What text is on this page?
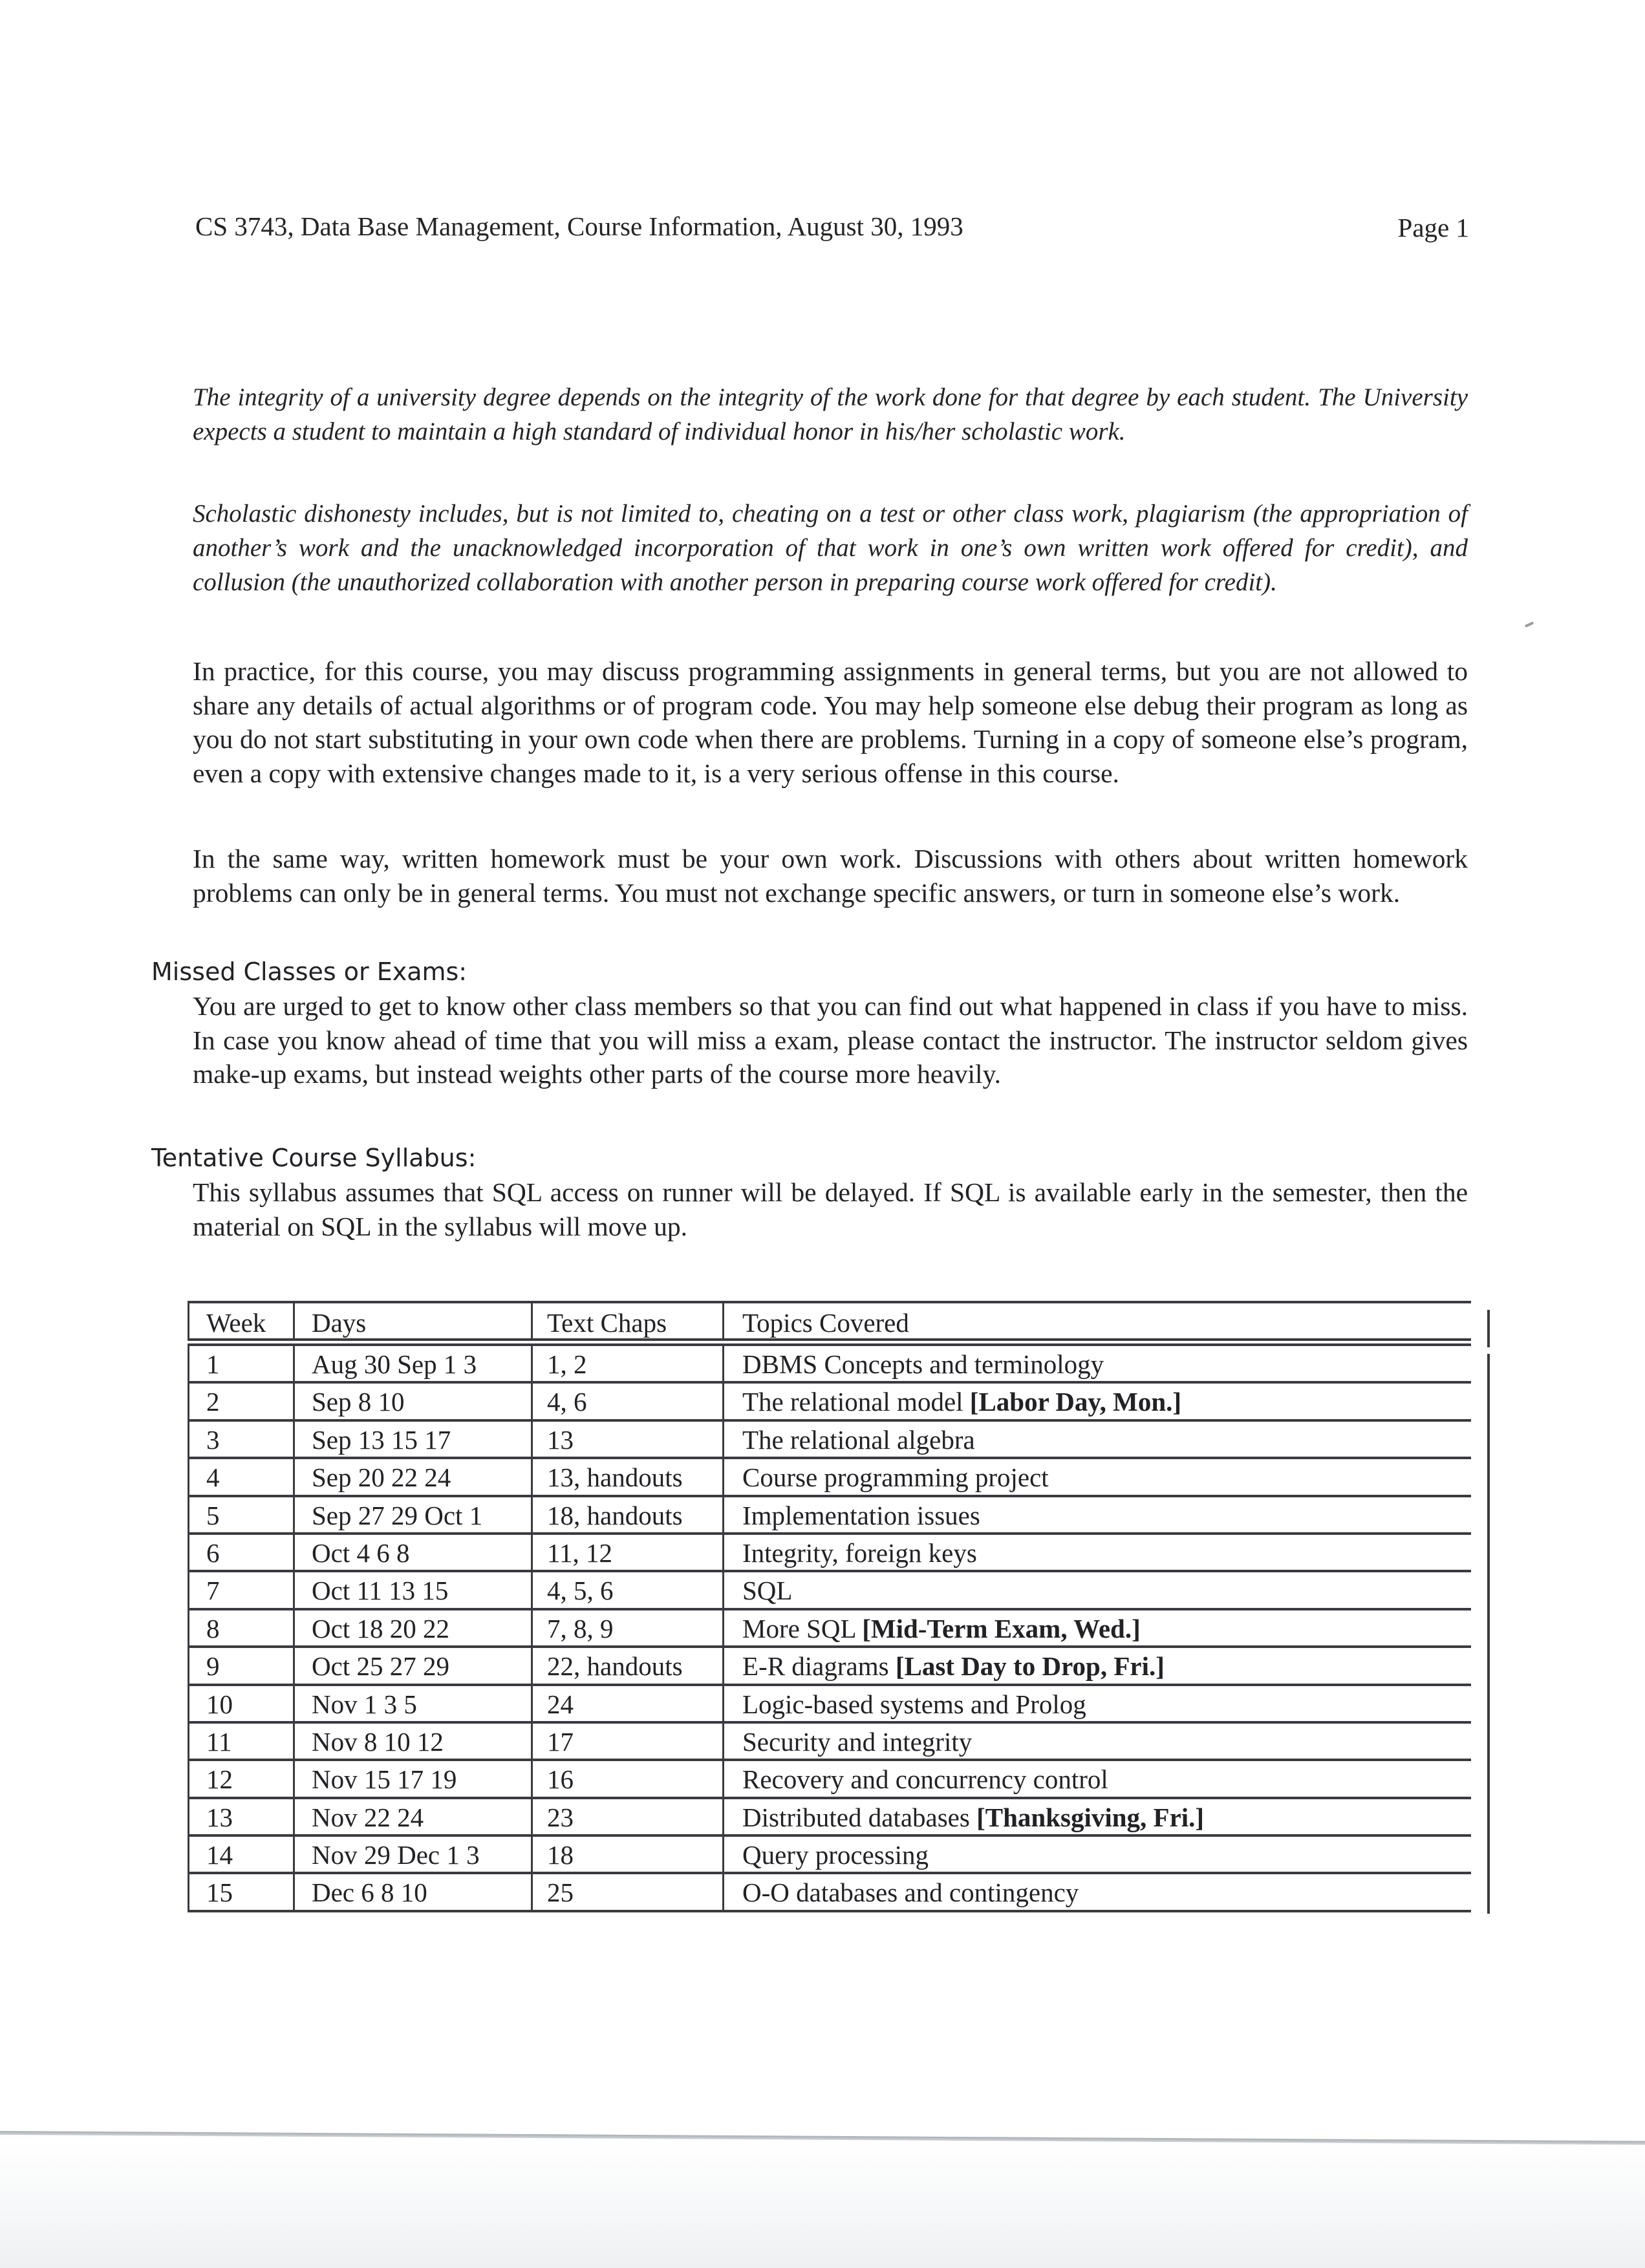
CS 3743, Data Base Management, Course Information, August 30, 1993	Page 1

The integrity of a university degree depends on the integrity of the work done for that degree by each student. The University expects a student to maintain a high standard of individual honor in his/her scholastic work.

Scholastic dishonesty includes, but is not limited to, cheating on a test or other class work, plagiarism (the appropriation of another’s work and the unacknowledged incorporation of that work in one’s own written work offered for credit), and collusion (the unauthorized collaboration with another person in preparing course work offered for credit).

In practice, for this course, you may discuss programming assignments in general terms, but you are not allowed to share any details of actual algorithms or of program code. You may help someone else debug their program as long as you do not start substituting in your own code when there are problems. Turning in a copy of someone else’s program, even a copy with extensive changes made to it, is a very serious offense in this course.

In the same way, written homework must be your own work. Discussions with others about written homework problems can only be in general terms. You must not exchange specific answers, or turn in someone else’s work.

Missed Classes or Exams:

You are urged to get to know other class members so that you can find out what happened in class if you have to miss. In case you know ahead of time that you will miss a exam, please contact the instructor. The instructor seldom gives make-up exams, but instead weights other parts of the course more heavily.

Tentative Course Syllabus:

This syllabus assumes that SQL access on runner will be delayed. If SQL is available early in the semester, then the material on SQL in the syllabus will move up.

Week	Days	Text Chaps	Topics Covered
1	Aug 30 Sep 1 3	1, 2	DBMS Concepts and terminology
2	Sep 8 10	4, 6	The relational model [Labor Day, Mon.]
3	Sep 13 15 17	13	The relational algebra
4	Sep 20 22 24	13, handouts	Course programming project
5	Sep 27 29 Oct 1	18, handouts	Implementation issues
6	Oct 4 6 8	11, 12	Integrity, foreign keys
7	Oct 11 13 15	4, 5, 6	SQL
8	Oct 18 20 22	7, 8, 9	More SQL [Mid-Term Exam, Wed.]
9	Oct 25 27 29	22, handouts	E-R diagrams [Last Day to Drop, Fri.]
10	Nov 1 3 5	24	Logic-based systems and Prolog
11	Nov 8 10 12	17	Security and integrity
12	Nov 15 17 19	16	Recovery and concurrency control
13	Nov 22 24	23	Distributed databases [Thanksgiving, Fri.]
14	Nov 29 Dec 1 3	18	Query processing
15	Dec 6 8 10	25	O-O databases and contingency
